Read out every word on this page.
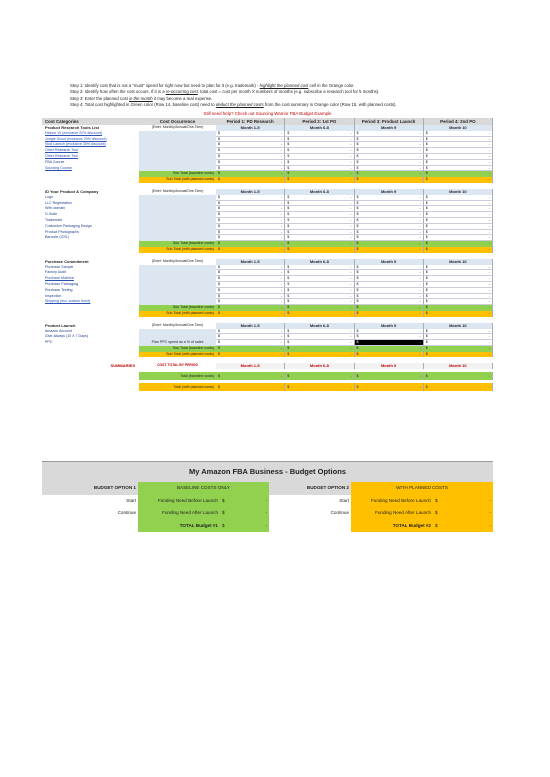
Step 1: Identify cost that is not a "must" spend for right now but need to plan for it (e.g. trademark) - highlight the planned cost cell in the Orange color.
Step 2: Identify how often the cost occurs. If it is a re-occurring cost: total cost = cost per month X numbers of months (e.g. subscribe a research tool for 5 months).
Step 3: Enter the planned cost in the month it may become a real expense.
Step 4: Total cost highlighted in Green color (Row 14, baseline cost) need to deduct the planned costs from the cost summary in Orange color (Row 15, with planned costs).
Still need help? Check out Sourcing Warrior FBA Budget Example
Cost Categories	Cost Occurrence	Period 1: PD Research	Period 2: 1st PO	Period 3: Product Launch	Period 4: 2nd PO
Product Research Tools List	(Enter: Monthly/Annual/One-Time)	Month 1-5	Month 6-8	Month 9	Month 10
Helium 10 (exclusive 20% discount)	$	- $	- $	- $	-
Jungle Scout (exclusive 20% discount)	$	- $	- $	- $	-
Viral Launch (exclusive 35% discount)	$	- $	- $	- $	-
Other Research Tool	$	- $	- $	- $	-
Other Research Tool	$	- $	- $	- $	-
FBA Course	$	- $	- $	- $	-
Sourcing Course	$	- $	- $	- $	-
Sub Total (baseline costs)	$	- $	- $	- $	-
Sub Total (with planned costs)	$	- $	- $	- $	-
ID Your Product & Company	(Enter: Monthly/Annual/One-Time)	Month 1-5	Month 6-8	Month 9	Month 10
Logo	$	- $	- $	- $	-
LLC Registration	$	- $	- $	- $	-
Web domain	$	- $	- $	- $	-
G-Suite	$	- $	- $	- $	-
Trademark	$	- $	- $	- $	-
Customize Packaging Design	$	- $	- $	- $	-
Product Photographs	$	- $	- $	- $	-
Barcode (GS1)	$	- $	- $	- $	-
Sub Total (baseline costs)	$	- $	- $	- $	-
Sub Total (with planned costs)	$	- $	- $	- $	-
Purchase Commitment	(Enter: Monthly/Annual/One-Time)	Month 1-5	Month 6-8	Month 9	Month 10
Purchase Sample	$	- $	- $	- $	-
Factory Audit	$	- $	- $	- $	-
Purchase Material	$	- $	- $	- $	-
Purchase Packaging	$	- $	- $	- $	-
Purchase Testing	$	- $	- $	- $	-
Inspection	$	- $	- $	- $	-
Shipping (incl. custom bond)	$	- $	- $	- $	-
Sub Total (baseline costs)	$	- $	- $	- $	-
Sub Total (with planned costs)	$	- $	- $	- $	-
Product Launch	(Enter: Monthly/Annual/One-Time)	Month 1-5	Month 6-8	Month 9	Month 10
Amazon Account	$	- $	- $	- $	-
Give-Always (10 X 7 Days)	$	- $	- $	- $	-
PPC	Plan PPC spend as a % of sales	$	- $	- $	- $	-
Sub Total (baseline costs)	$	- $	- $	- $	-
Sub Total (with planned costs)	$	- $	- $	- $	-
SUMMARIES	COST TOTAL BY PERIOD	Month 1-5	Month 6-8	Month 9	Month 10
Total (baseline costs)	$	- $	- $	- $	-
Total (with planned costs)	$	- $	- $	- $	-
My Amazon FBA Business - Budget Options
BUDGET OPTION 1	BASELINE COSTS ONLY	BUDGET OPTION 2	WITH PLANNED COSTS
Start	Funding Need Before Launch $	-	Start	Funding Need Before Launch $	-
Continue	Funding Need After Launch $	-	Continue	Funding Need After Launch $	-
TOTAL Budget #1 $	-	TOTAL Budget #2 $	-
